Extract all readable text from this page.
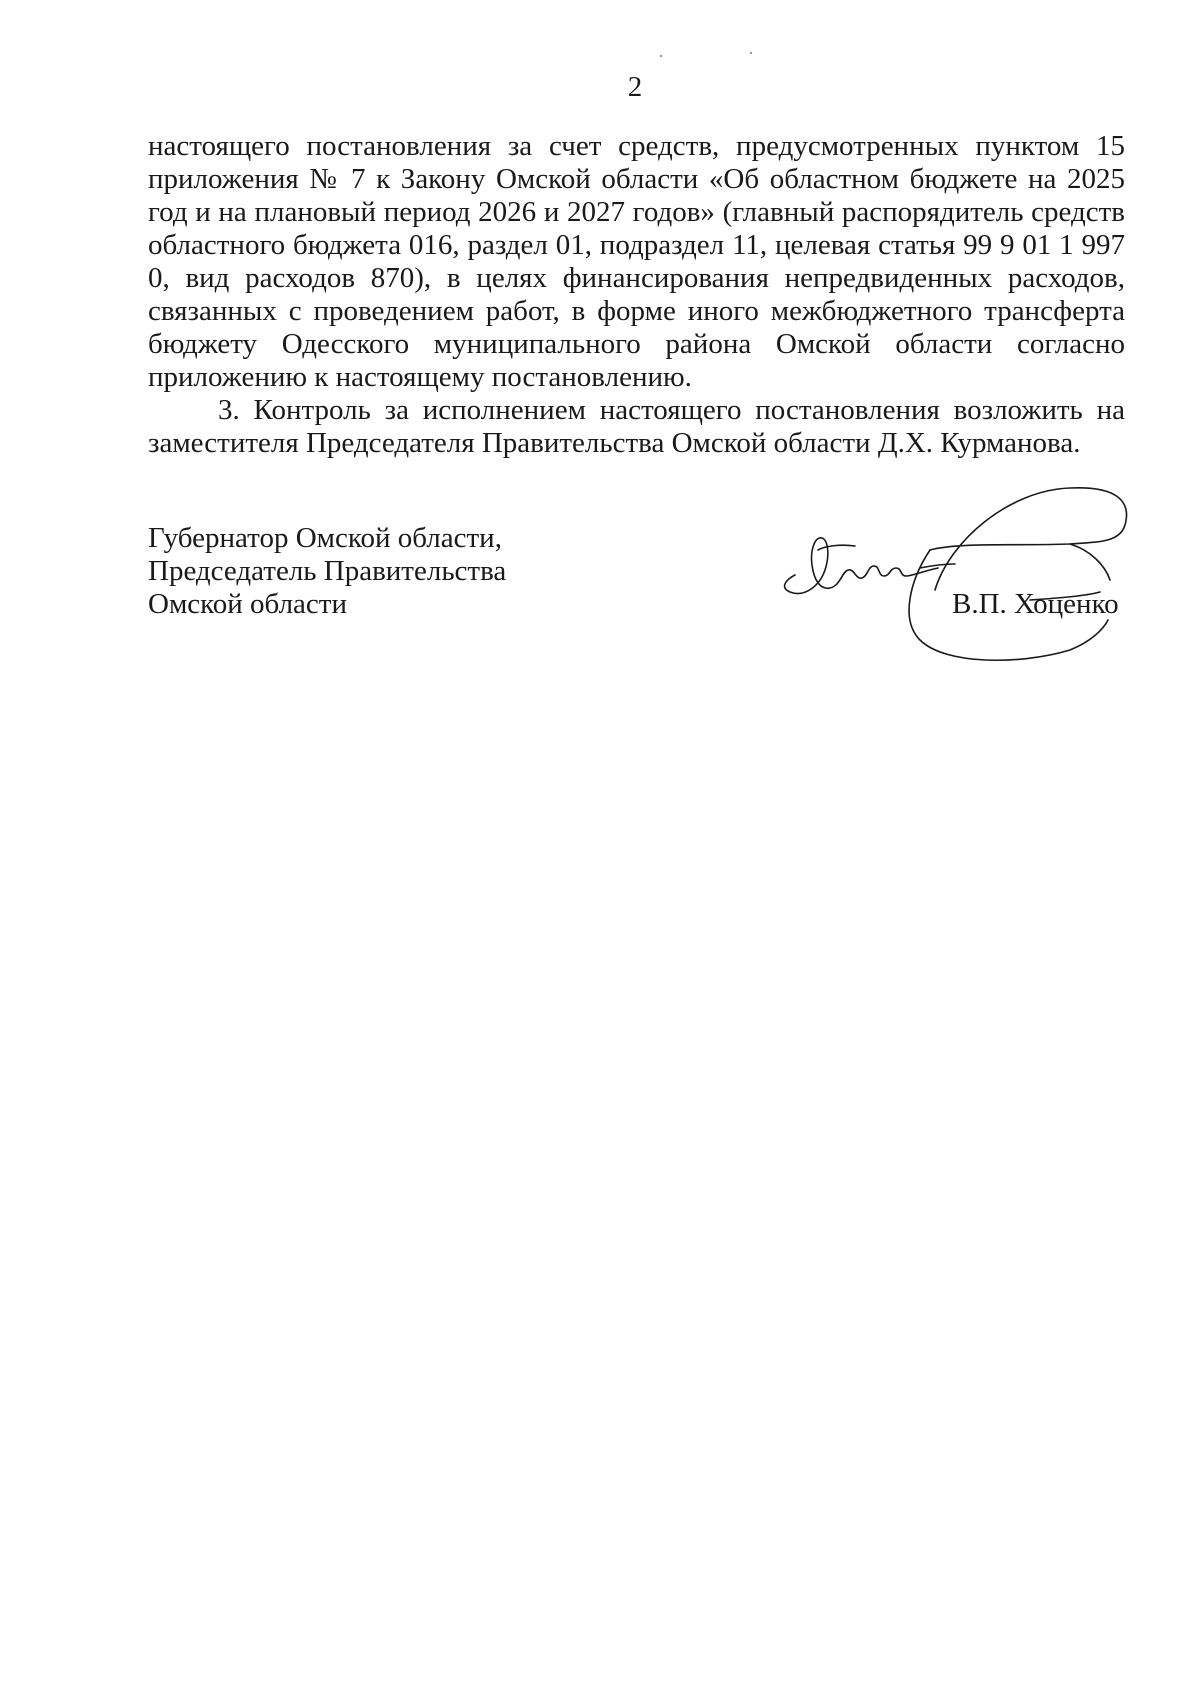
2

настоящего постановления за счет средств, предусмотренных пунктом 15 приложения № 7 к Закону Омской области «Об областном бюджете на 2025 год и на плановый период 2026 и 2027 годов» (главный распорядитель средств областного бюджета 016, раздел 01, подраздел 11, целевая статья 99 9 01 1 997 0, вид расходов 870), в целях финансирования непредвиденных расходов, связанных с проведением работ, в форме иного межбюджетного трансферта бюджету Одесского муниципального района Омской области согласно приложению к настоящему постановлению.

3. Контроль за исполнением настоящего постановления возложить на заместителя Председателя Правительства Омской области Д.Х. Курманова.

Губернатор Омской области,
Председатель Правительства
Омской области	В.П. Хоценко
